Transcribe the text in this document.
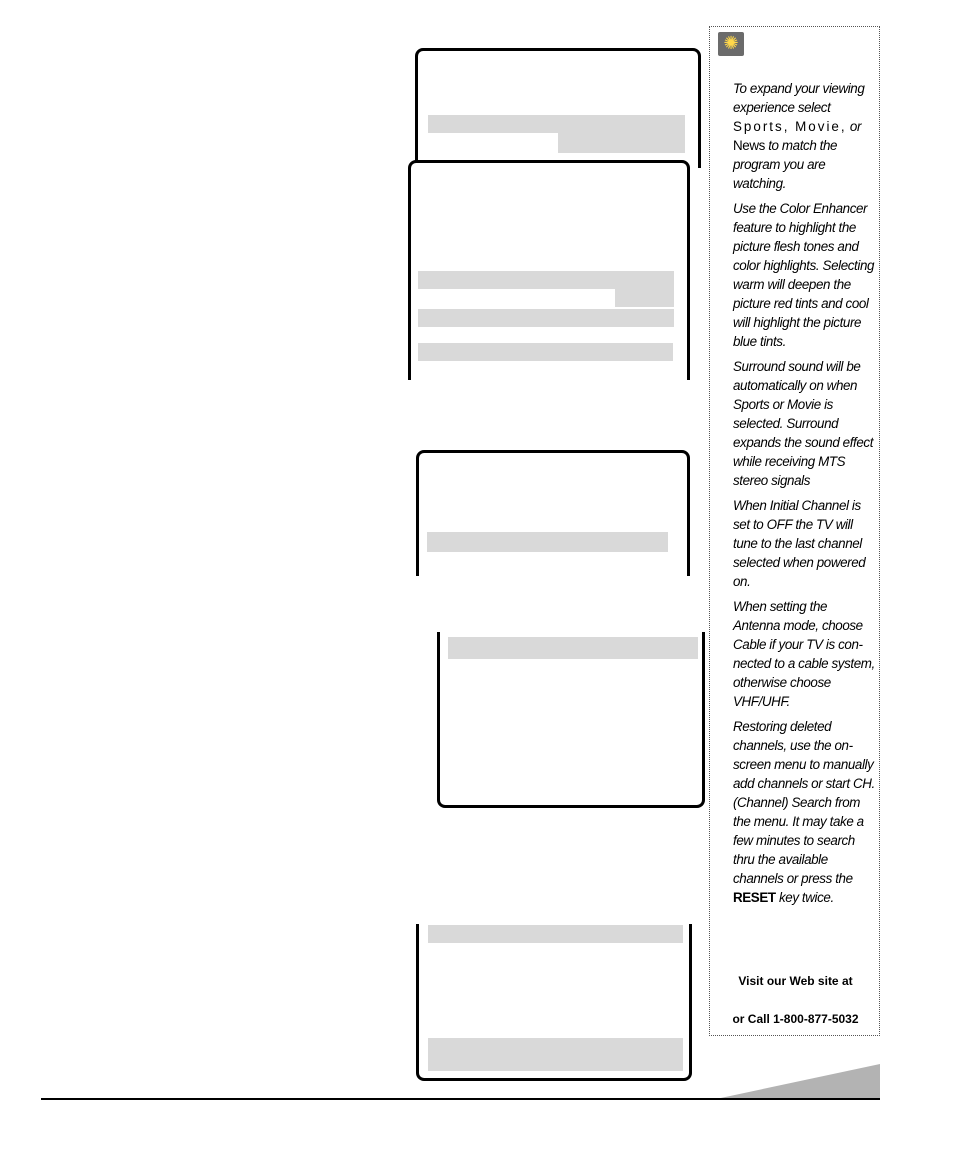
✺

To expand your viewing experience select Sports, Movie, or News to match the program you are watching.

Use the Color Enhancer feature to highlight the picture flesh tones and color highlights. Selecting warm will deepen the picture red tints and cool will highlight the picture blue tints.

Surround sound will be automatically on when Sports or Movie is selected. Surround expands the sound effect while receiving MTS stereo signals

When Initial Channel is set to OFF the TV will tune to the last channel selected when powered on.

When setting the Antenna mode, choose Cable if your TV is con-nected to a cable system, otherwise choose VHF/UHF.

Restoring deleted channels, use the on-screen menu to manually add channels or start CH. (Channel) Search from the menu. It may take a few minutes to search thru the available channels or press the RESET key twice.

Visit our Web site at
or Call 1-800-877-5032
